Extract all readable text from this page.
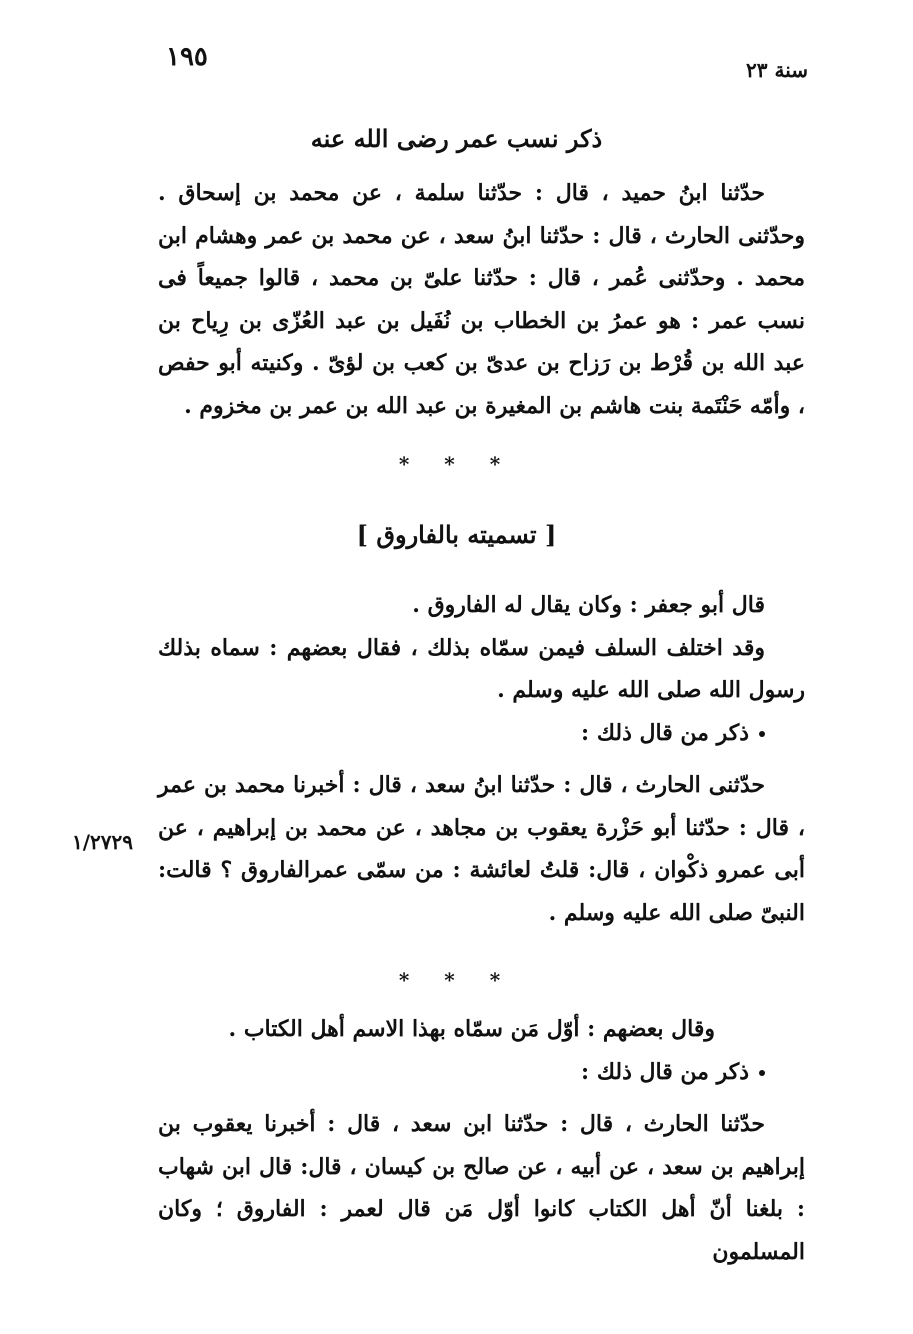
١٩٥	سنة ٢٣
ذكر نسب عمر رضى الله عنه

حدّثنا ابنُ حميد ، قال : حدّثنا سلمة ، عن محمد بن إسحاق . وحدّثنى الحارث ، قال : حدّثنا ابنُ سعد ، عن محمد بن عمر وهشام ابن محمد . وحدّثنى عُمر ، قال : حدّثنا علىّ بن محمد ، قالوا جميعاً فى نسب عمر : هو عمرُ بن الخطاب بن نُفَيل بن عبد العُزّى بن رِياح بن عبد الله بن قُرْط بن رَزاح بن عدىّ بن كعب بن لؤىّ . وكنيته أبو حفص ، وأمّه حَنْتَمة بنت هاشم بن المغيرة بن عبد الله بن عمر بن مخزوم .

* * *
[ تسميته بالفاروق ]

قال أبو جعفر : وكان يقال له الفاروق .

وقد اختلف السلف فيمن سمّاه بذلك ، فقال بعضهم : سماه بذلك رسول الله صلى الله عليه وسلم .

ذكر من قال ذلك :

حدّثنى الحارث ، قال : حدّثنا ابنُ سعد ، قال : أخبرنا محمد بن عمر ، قال : حدّثنا أبو حَزْرة يعقوب بن مجاهد ، عن محمد بن إبراهيم ، عن أبى عمرو ذكْوان ، قال: قلتُ لعائشة : من سمّى عمرالفاروق ؟ قالت: النبىّ صلى الله عليه وسلم .

١/٢٧٢٩
* * *

وقال بعضهم : أوّل مَن سمّاه بهذا الاسم أهل الكتاب .

ذكر من قال ذلك :

حدّثنا الحارث ، قال : حدّثنا ابن سعد ، قال : أخبرنا يعقوب بن إبراهيم بن سعد ، عن أبيه ، عن صالح بن كيسان ، قال: قال ابن شهاب : بلغنا أنّ أهل الكتاب كانوا أوّل مَن قال لعمر : الفاروق ؛ وكان المسلمون
